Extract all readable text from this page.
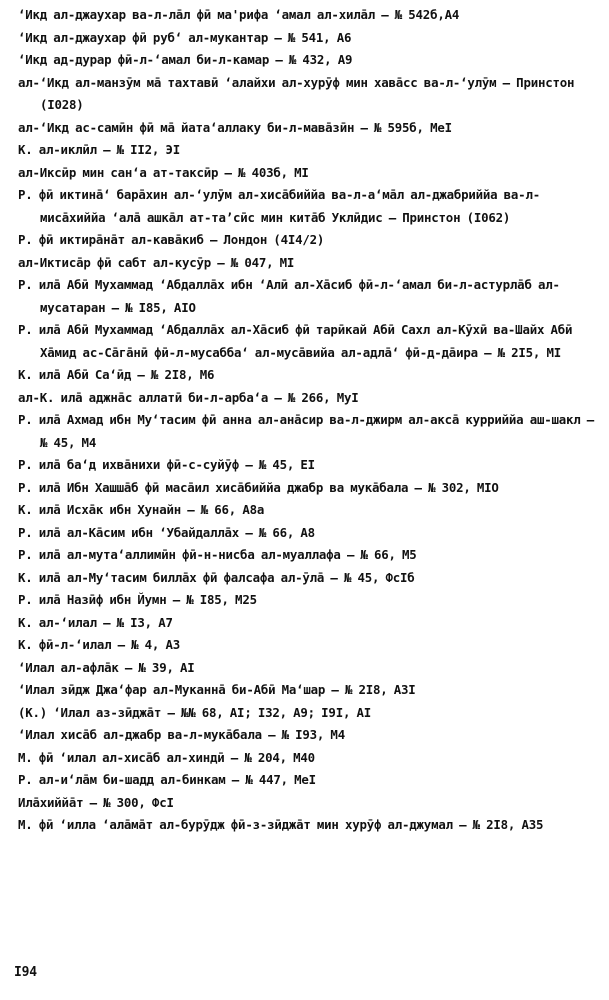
ʻИкд ал-джаухар ва-л-лāл фӣ ма'рифа ʻамал ал-хилāл – № 542б,A4
ʻИкд ал-джаухар фӣ рубʻ ал-мукантар – № 541, A6
ʻИкд ад-дурар фӣ-л-ʻамал би-л-камар – № 432, A9
ал-ʻИкд ал-манзӯм мā тахтавӣ ʻалайхи ал-хурӯф мин хавāсс ва-л-ʻулӯм – Принстон (I028)
ал-ʻИкд ас-самӣн фӣ мā йатаʻаллаку би-л-мавāзӣн – № 595б, MeI
К. ал-иклӣл – № II2, ЭI
ал-Иксӣр мин санʻа ат-таксӣр – № 403б, MI
Р. фӣ иктинāʻ барāхин ал-ʻулӯм ал-хисāбиййа ва-л-аʻмāл ал-джабриййа ва-л-мисāхиййа ʻалā ашкāл ат-таʼсӣс мин китāб Уклӣдис – Принстон (I062)
Р. фӣ иктирāнāт ал-кавāкиб – Лондон (4I4/2)
ал-Иктисāр фӣ сабт ал-кусӯр – № 047, MI
Р. илā Абӣ Мухаммад ʻАбдаллāх ибн ʻАлӣ ал-Хāсиб фӣ-л-ʻамал би-л-астурлāб ал-мусатаран – № I85, AIO
Р. илā Абӣ Мухаммад ʻАбдаллāх ал-Хāсиб фӣ тарӣкай Абӣ Сахл ал-Кӯхӣ ва-Шайх Абӣ Хāмид ас-Сāгāнӣ фӣ-л-мусаббаʻ ал-мусāвийа ал-адлāʻ фӣ-д-дāира – № 2I5, MI
К. илā Абӣ Саʻӣд – № 2I8, M6
ал-К. илā аджнāс аллатӣ би-л-арбаʻа – № 266, MуI
Р. илā Ахмад ибн Муʻтасим фӣ анна ал-анāсир ва-л-джирм ал-аксā курриййа аш-шакл – № 45, M4
Р. илā баʻд ихвāнихи фӣ-с-суйӯф – № 45, EI
Р. илā Ибн Хашшāб фӣ масāил хисāбиййа джабр ва мукāбала – № 302, MIO
К. илā Исхāк ибн Хунайн – № 66, A8a
Р. илā ал-Кāсим ибн ʻУбайдаллāх – № 66, A8
Р. илā ал-мутаʻаллимӣн фӣ-н-нисба ал-муаллафа – № 66, M5
К. илā ал-Муʻтасим биллāх фӣ фалсафа ал-ӯлā – № 45, ФсIб
Р. илā Назӣф ибн Йумн – № I85, M25
К. ал-ʻилал – № I3, A7
К. фӣ-л-ʻилал – № 4, A3
ʻИлал ал-афлāк – № 39, AI
ʻИлал зӣдж Джаʻфар ал-Муканнā би-Абӣ Маʻшар – № 2I8, A3I
(К.) ʻИлал аз-зӣджāт – №№ 68, AI; I32, A9; I9I, AI
ʻИлал хисāб ал-джабр ва-л-мукāбала – № I93, M4
М. фӣ ʻилал ал-хисāб ал-хиндӣ – № 204, M40
Р. ал-иʻлāм би-шадд ал-бинкам – № 447, MeI
Илāхиййāт – № 300, ФсI
М. фӣ ʻилла ʻалāмāт ал-бурӯдж фӣ-з-зӣджāт мин хурӯф ал-джумал – № 2I8, A35
I94
